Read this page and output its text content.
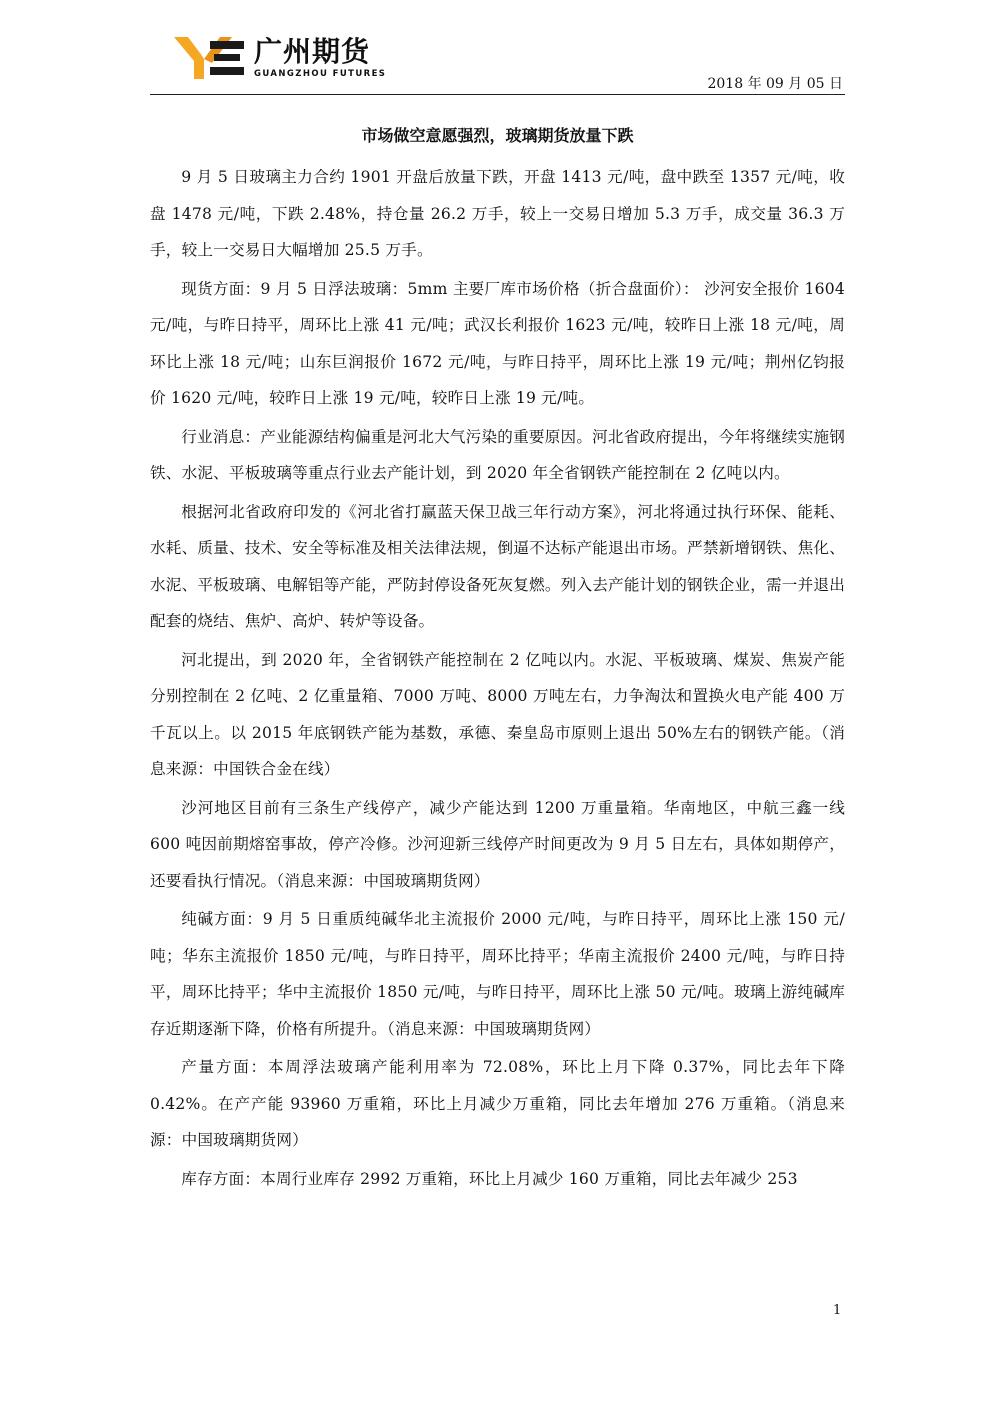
广州期货
GUANGZHOU FUTURES
2018 年 09 月 05 日
市场做空意愿强烈，玻璃期货放量下跌

9 月 5 日玻璃主力合约 1901 开盘后放量下跌，开盘 1413 元/吨，盘中跌至 1357 元/吨，收盘 1478 元/吨，下跌 2.48%，持仓量 26.2 万手，较上一交易日增加 5.3 万手，成交量 36.3 万手，较上一交易日大幅增加 25.5 万手。

现货方面：9 月 5 日浮法玻璃：5mm 主要厂库市场价格（折合盘面价）： 沙河安全报价 1604 元/吨，与昨日持平，周环比上涨 41 元/吨；武汉长利报价 1623 元/吨，较昨日上涨 18 元/吨，周环比上涨 18 元/吨；山东巨润报价 1672 元/吨，与昨日持平，周环比上涨 19 元/吨；荆州亿钧报价 1620 元/吨，较昨日上涨 19 元/吨，较昨日上涨 19 元/吨。

行业消息：产业能源结构偏重是河北大气污染的重要原因。河北省政府提出，今年将继续实施钢铁、水泥、平板玻璃等重点行业去产能计划，到 2020 年全省钢铁产能控制在 2 亿吨以内。

根据河北省政府印发的《河北省打赢蓝天保卫战三年行动方案》，河北将通过执行环保、能耗、水耗、质量、技术、安全等标准及相关法律法规，倒逼不达标产能退出市场。严禁新增钢铁、焦化、水泥、平板玻璃、电解铝等产能，严防封停设备死灰复燃。列入去产能计划的钢铁企业，需一并退出配套的烧结、焦炉、高炉、转炉等设备。

河北提出，到 2020 年，全省钢铁产能控制在 2 亿吨以内。水泥、平板玻璃、煤炭、焦炭产能分别控制在 2 亿吨、2 亿重量箱、7000 万吨、8000 万吨左右，力争淘汰和置换火电产能 400 万千瓦以上。以 2015 年底钢铁产能为基数，承德、秦皇岛市原则上退出 50%左右的钢铁产能。（消息来源：中国铁合金在线）

沙河地区目前有三条生产线停产，减少产能达到 1200 万重量箱。华南地区，中航三鑫一线 600 吨因前期熔窑事故，停产冷修。沙河迎新三线停产时间更改为 9 月 5 日左右，具体如期停产，还要看执行情况。（消息来源：中国玻璃期货网）

纯碱方面：9 月 5 日重质纯碱华北主流报价 2000 元/吨，与昨日持平，周环比上涨 150 元/吨；华东主流报价 1850 元/吨，与昨日持平，周环比持平；华南主流报价 2400 元/吨，与昨日持平，周环比持平；华中主流报价 1850 元/吨，与昨日持平，周环比上涨 50 元/吨。玻璃上游纯碱库存近期逐渐下降，价格有所提升。（消息来源：中国玻璃期货网）

产量方面：本周浮法玻璃产能利用率为 72.08%，环比上月下降 0.37%，同比去年下降 0.42%。在产产能 93960 万重箱，环比上月减少万重箱，同比去年增加 276 万重箱。（消息来源：中国玻璃期货网）

库存方面：本周行业库存 2992 万重箱，环比上月减少 160 万重箱，同比去年减少 253

1
